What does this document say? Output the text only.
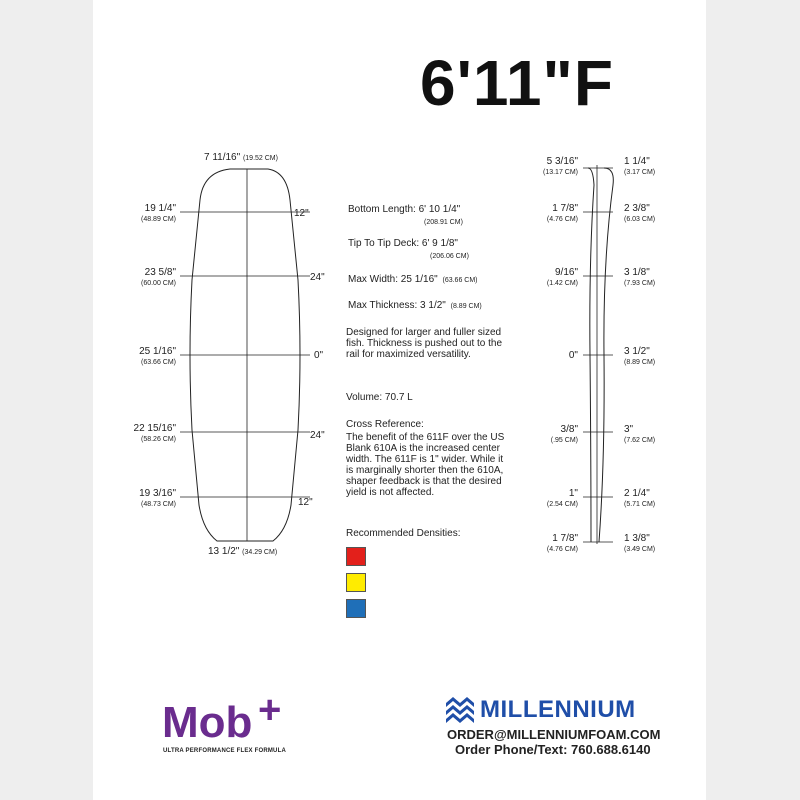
6'11"F
7 11/16" (19.52 CM)
13 1/2" (34.29 CM)
19 1/4"
(48.89 CM)
23 5/8"
(60.00 CM)
25 1/16"
(63.66 CM)
22 15/16"
(58.26 CM)
19 3/16"
(48.73 CM)
12"
24"
0"
24"
12"
Bottom Length: 6' 10 1/4"
(208.91 CM)
Tip To Tip Deck: 6' 9 1/8"
(206.06 CM)
Max Width: 25 1/16" (63.66 CM)
Max Thickness: 3 1/2" (8.89 CM)
Designed for larger and fuller sized fish. Thickness is pushed out to the rail for maximized versatility.
Volume: 70.7 L
Cross Reference:
The benefit of the 611F over the US Blank 610A is the increased center width. The 611F is 1" wider. While it is marginally shorter then the 610A, shaper feedback is that the desired yield is not affected.
Recommended Densities:
5 3/16"
(13.17 CM)
1 7/8"
(4.76 CM)
9/16"
(1.42 CM)
0"
3/8"
(.95 CM)
1"
(2.54 CM)
1 7/8"
(4.76 CM)
1 1/4"
(3.17 CM)
2 3/8"
(6.03 CM)
3 1/8"
(7.93 CM)
3 1/2"
(8.89 CM)
3"
(7.62 CM)
2 1/4"
(5.71 CM)
1 3/8"
(3.49 CM)
Mob +
ULTRA PERFORMANCE FLEX FORMULA
MILLENNIUM
ORDER@MILLENNIUMFOAM.COM
Order Phone/Text: 760.688.6140
